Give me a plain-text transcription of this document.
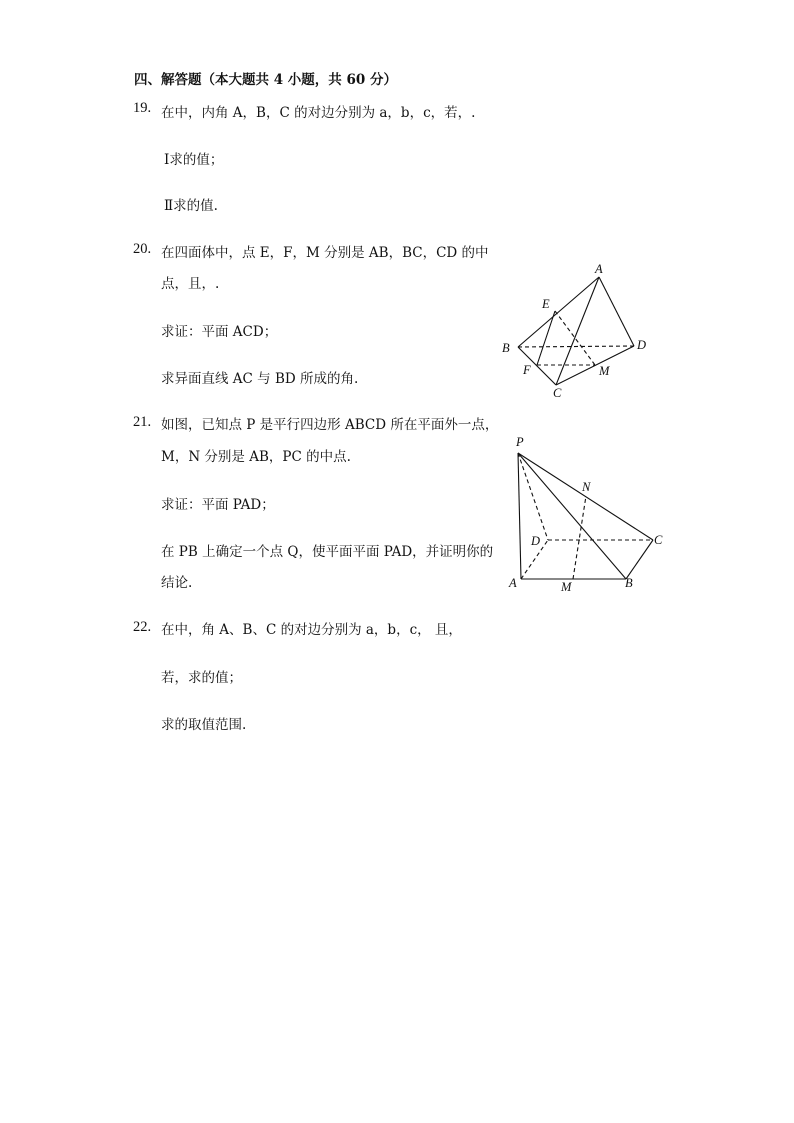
四、解答题（本大题共 4 小题，共 60 分）
19. 在中，内角 A，B，C 的对边分别为 a，b，c，若，.
Ⅰ求的值；
Ⅱ求的值.
20. 在四面体中，点 E，F，M 分别是 AB，BC，CD 的中
点，且，.
求证：平面 ACD；
求异面直线 AC 与 BD 所成的角.
A
E
B	D
F	M
C
21. 如图，已知点 P 是平行四边形 ABCD 所在平面外一点，
M，N 分别是 AB，PC 的中点.
求证：平面 PAD；
在 PB 上确定一个点 Q，使平面平面 PAD，并证明你的
结论.
P
N
D	C
A	M	B
22. 在中，角 A、B、C 的对边分别为 a，b，c， 且，
若，求的值；
求的取值范围.
